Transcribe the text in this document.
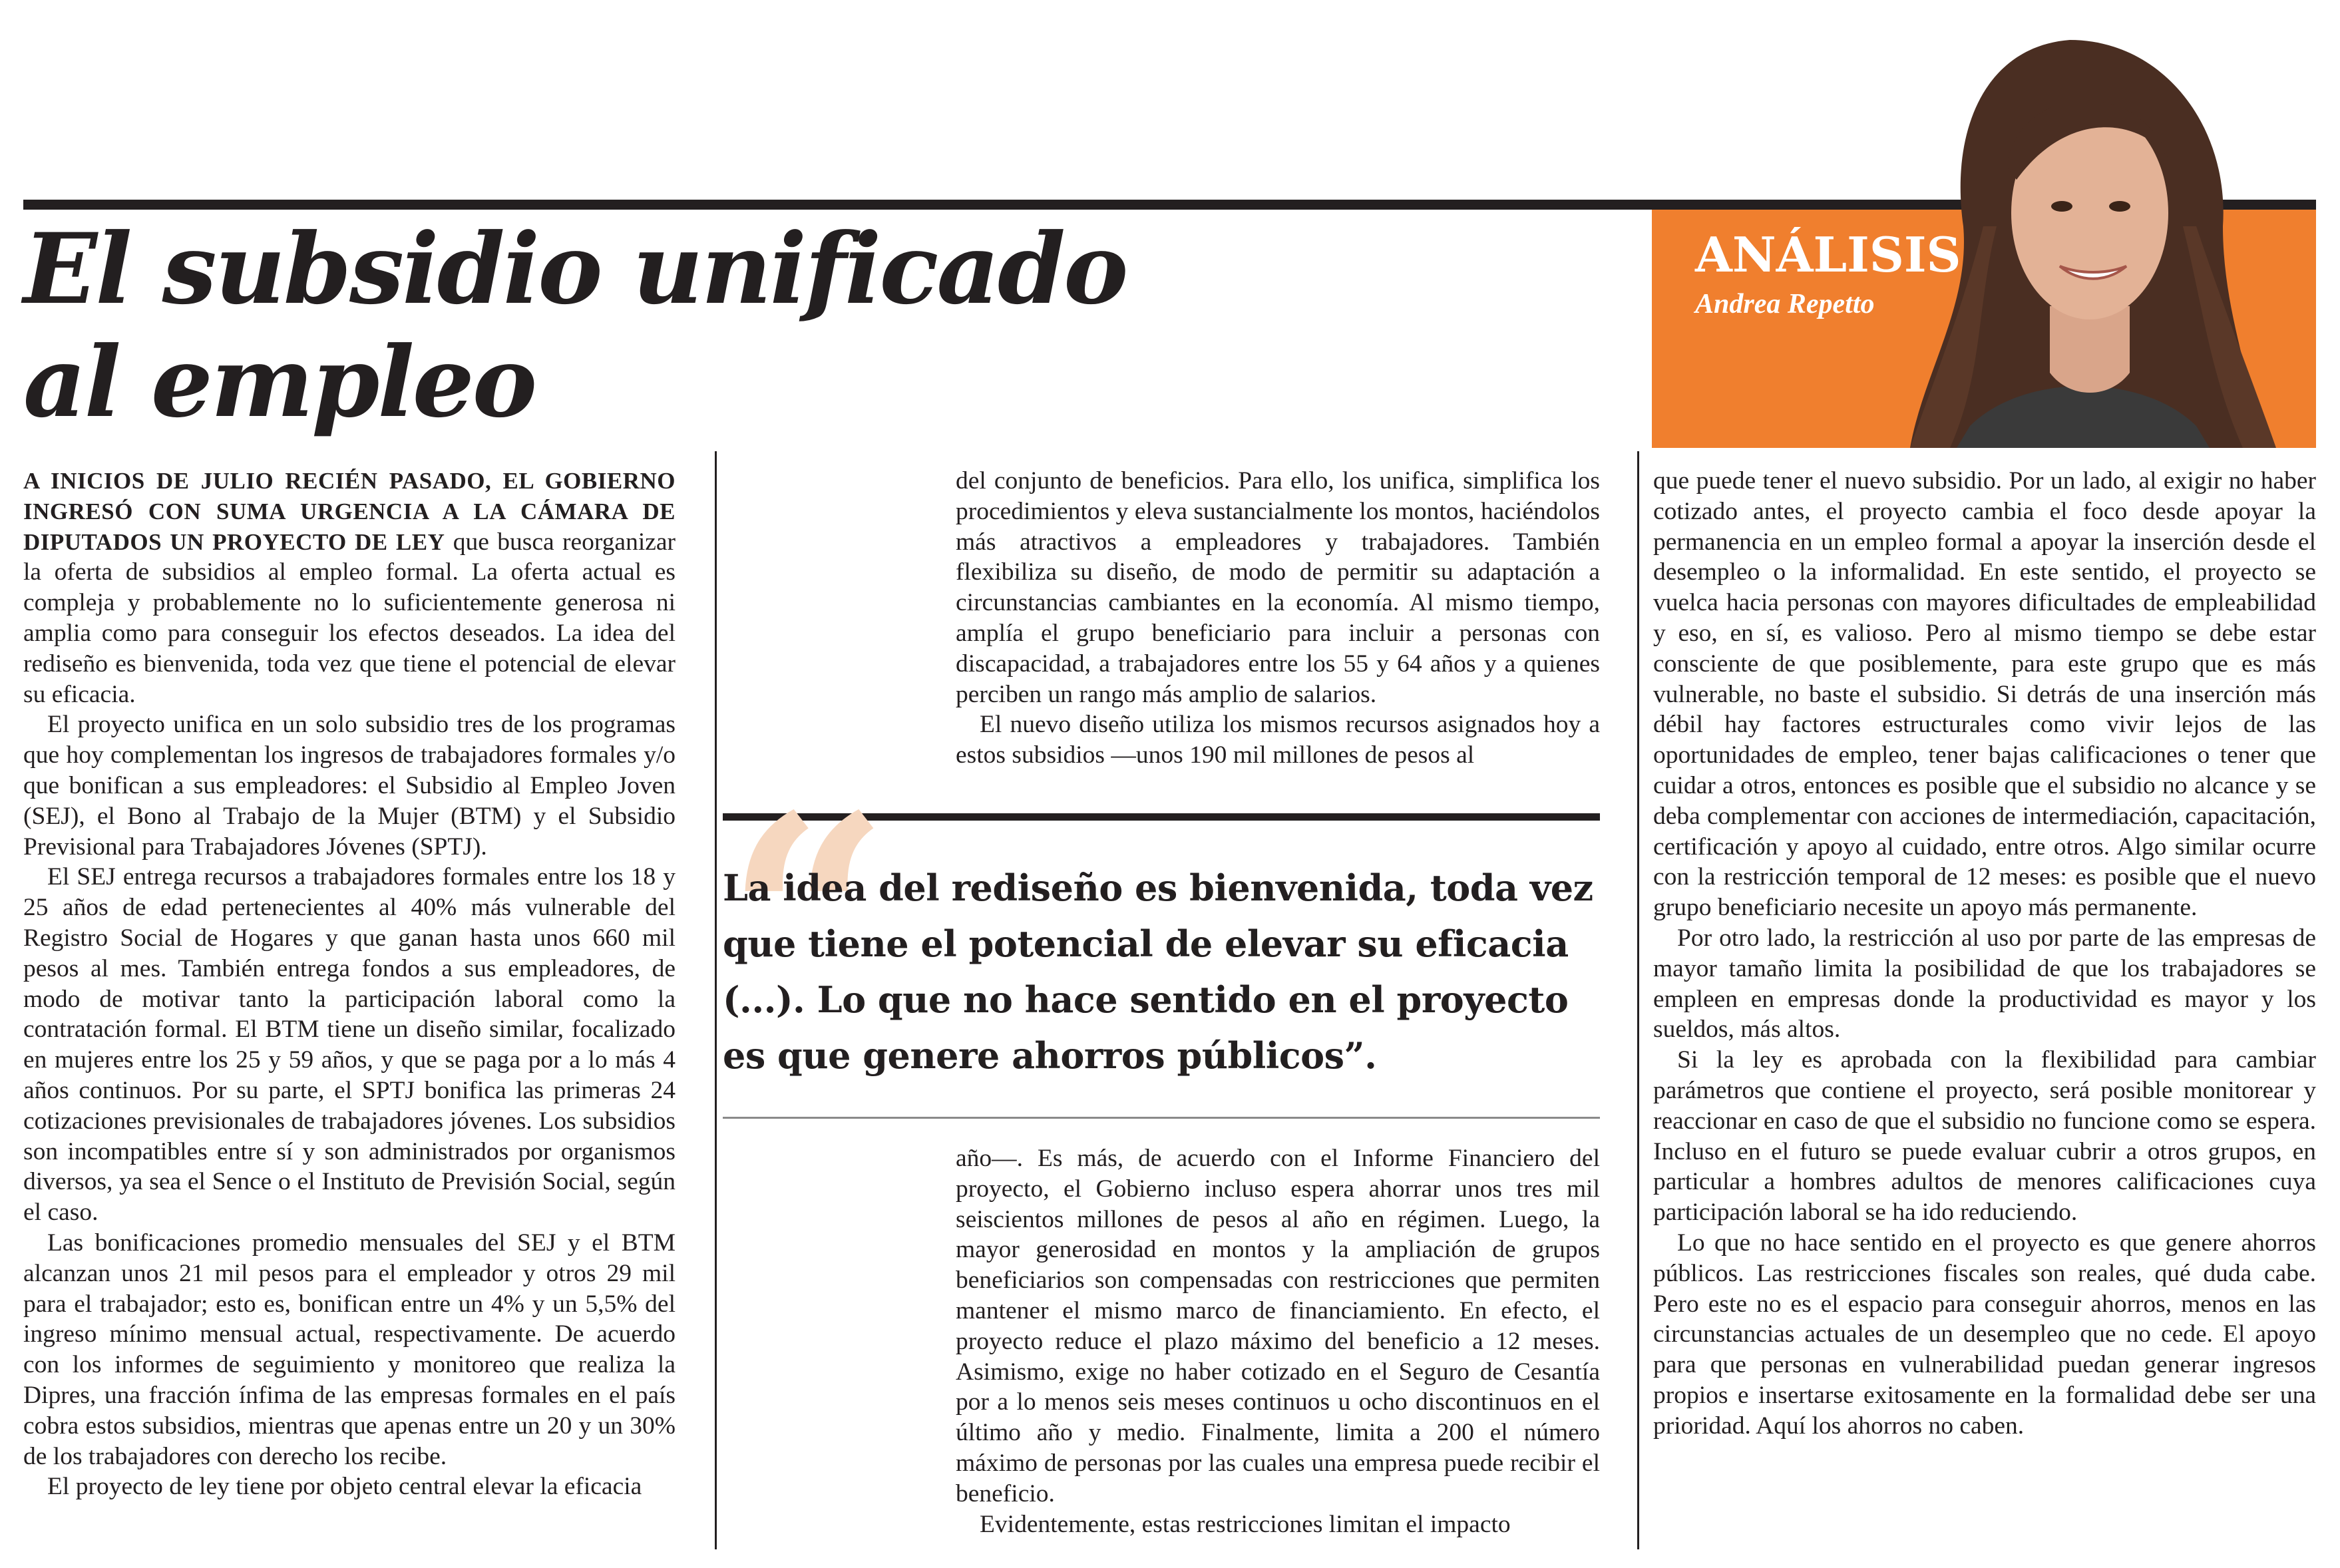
El subsidio unificado
al empleo
ANÁLISIS
Andrea Repetto

A INICIOS DE JULIO RECIÉN PASADO, EL GOBIERNO INGRESÓ CON SUMA URGENCIA A LA CÁMARA DE DIPUTADOS UN PROYECTO DE LEY que busca reorganizar la oferta de subsidios al empleo formal. La oferta actual es compleja y probablemente no lo suficientemente generosa ni amplia como para conseguir los efectos deseados. La idea del rediseño es bienvenida, toda vez que tiene el potencial de elevar su eficacia.

El proyecto unifica en un solo subsidio tres de los programas que hoy complementan los ingresos de trabajadores formales y/o que bonifican a sus empleadores: el Subsidio al Empleo Joven (SEJ), el Bono al Trabajo de la Mujer (BTM) y el Subsidio Previsional para Trabajadores Jóvenes (SPTJ).

El SEJ entrega recursos a trabajadores formales entre los 18 y 25 años de edad pertenecientes al 40% más vulnerable del Registro Social de Hogares y que ganan hasta unos 660 mil pesos al mes. También entrega fondos a sus empleadores, de modo de motivar tanto la participación laboral como la contratación formal. El BTM tiene un diseño similar, focalizado en mujeres entre los 25 y 59 años, y que se paga por a lo más 4 años continuos. Por su parte, el SPTJ bonifica las primeras 24 cotizaciones previsionales de trabajadores jóvenes. Los subsidios son incompatibles entre sí y son administrados por organismos diversos, ya sea el Sence o el Instituto de Previsión Social, según el caso.

Las bonificaciones promedio mensuales del SEJ y el BTM alcanzan unos 21 mil pesos para el empleador y otros 29 mil para el trabajador; esto es, bonifican entre un 4% y un 5,5% del ingreso mínimo mensual actual, respectivamente. De acuerdo con los informes de seguimiento y monitoreo que realiza la Dipres, una fracción ínfima de las empresas formales en el país cobra estos subsidios, mientras que apenas entre un 20 y un 30% de los trabajadores con derecho los recibe.

El proyecto de ley tiene por objeto central elevar la eficacia

del conjunto de beneficios. Para ello, los unifica, simplifica los procedimientos y eleva sustancialmente los montos, haciéndolos más atractivos a empleadores y trabajadores. También flexibiliza su diseño, de modo de permitir su adaptación a circunstancias cambiantes en la economía. Al mismo tiempo, amplía el grupo beneficiario para incluir a personas con discapacidad, a trabajadores entre los 55 y 64 años y a quienes perciben un rango más amplio de salarios.

El nuevo diseño utiliza los mismos recursos asignados hoy a estos subsidios —unos 190 mil millones de pesos al

“

La idea del rediseño es bienvenida, toda vez que tiene el potencial de elevar su eficacia (...). Lo que no hace sentido en el proyecto es que genere ahorros públicos”.

año—. Es más, de acuerdo con el Informe Financiero del proyecto, el Gobierno incluso espera ahorrar unos tres mil seiscientos millones de pesos al año en régimen. Luego, la mayor generosidad en montos y la ampliación de grupos beneficiarios son compensadas con restricciones que permiten mantener el mismo marco de financiamiento. En efecto, el proyecto reduce el plazo máximo del beneficio a 12 meses. Asimismo, exige no haber cotizado en el Seguro de Cesantía por a lo menos seis meses continuos u ocho discontinuos en el último año y medio. Finalmente, limita a 200 el número máximo de personas por las cuales una empresa puede recibir el beneficio.

Evidentemente, estas restricciones limitan el impacto

que puede tener el nuevo subsidio. Por un lado, al exigir no haber cotizado antes, el proyecto cambia el foco desde apoyar la permanencia en un empleo formal a apoyar la inserción desde el desempleo o la informalidad. En este sentido, el proyecto se vuelca hacia personas con mayores dificultades de empleabilidad y eso, en sí, es valioso. Pero al mismo tiempo se debe estar consciente de que posiblemente, para este grupo que es más vulnerable, no baste el subsidio. Si detrás de una inserción más débil hay factores estructurales como vivir lejos de las oportunidades de empleo, tener bajas calificaciones o tener que cuidar a otros, entonces es posible que el subsidio no alcance y se deba complementar con acciones de intermediación, capacitación, certificación y apoyo al cuidado, entre otros. Algo similar ocurre con la restricción temporal de 12 meses: es posible que el nuevo grupo beneficiario necesite un apoyo más permanente.

Por otro lado, la restricción al uso por parte de las empresas de mayor tamaño limita la posibilidad de que los trabajadores se empleen en empresas donde la productividad es mayor y los sueldos, más altos.

Si la ley es aprobada con la flexibilidad para cambiar parámetros que contiene el proyecto, será posible monitorear y reaccionar en caso de que el subsidio no funcione como se espera. Incluso en el futuro se puede evaluar cubrir a otros grupos, en particular a hombres adultos de menores calificaciones cuya participación laboral se ha ido reduciendo.

Lo que no hace sentido en el proyecto es que genere ahorros públicos. Las restricciones fiscales son reales, qué duda cabe. Pero este no es el espacio para conseguir ahorros, menos en las circunstancias actuales de un desempleo que no cede. El apoyo para que personas en vulnerabilidad puedan generar ingresos propios e insertarse exitosamente en la formalidad debe ser una prioridad. Aquí los ahorros no caben.
